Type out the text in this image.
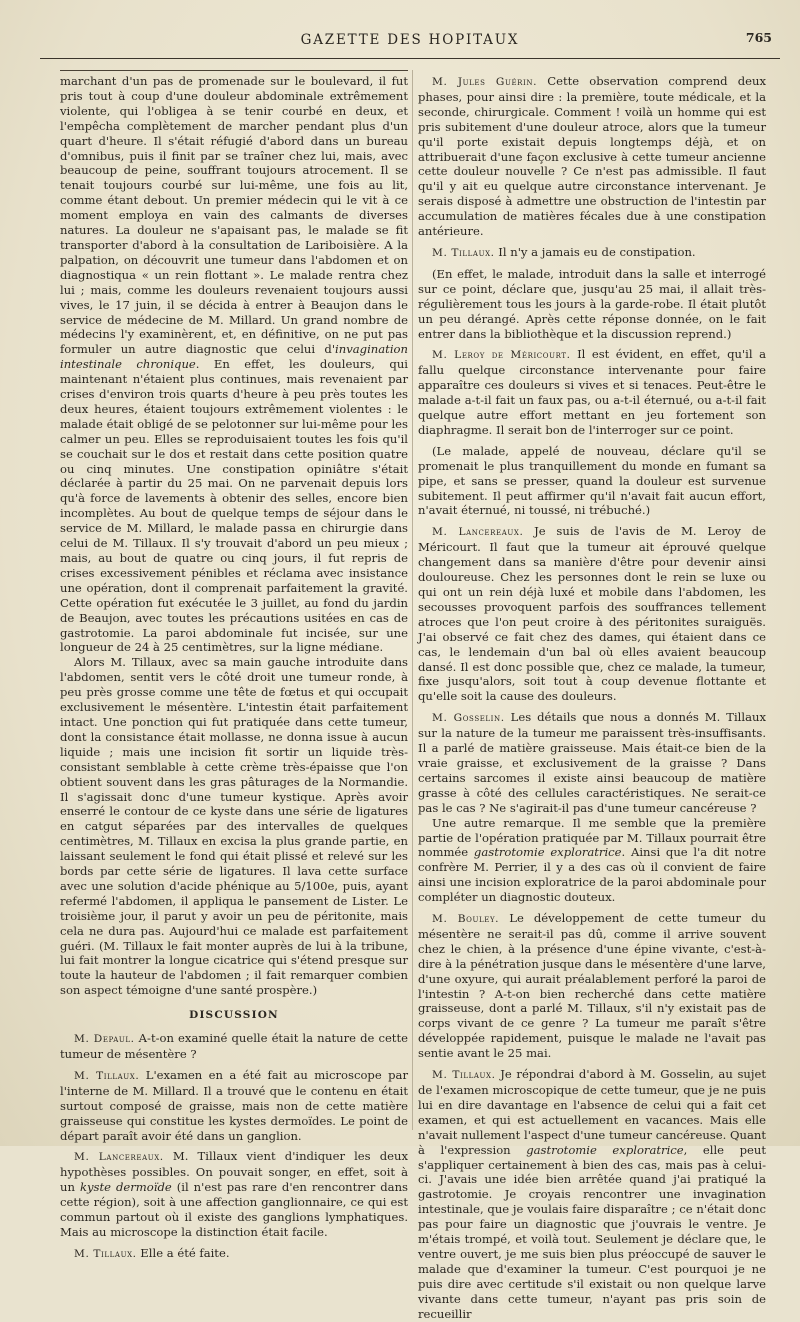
GAZETTE DES HOPITAUX	765

marchant d'un pas de promenade sur le boulevard, il fut pris tout à coup d'une douleur abdominale extrêmement violente, qui l'obligea à se tenir courbé en deux, et l'empêcha complètement de marcher pendant plus d'un quart d'heure. Il s'était réfugié d'abord dans un bureau d'omnibus, puis il finit par se traîner chez lui, mais, avec beaucoup de peine, souffrant toujours atrocement. Il se tenait toujours courbé sur lui-même, une fois au lit, comme étant debout. Un premier médecin qui le vit à ce moment employa en vain des calmants de diverses natures. La douleur ne s'apaisant pas, le malade se fit transporter d'abord à la consultation de Lariboisière. A la palpation, on découvrit une tumeur dans l'abdomen et on diagnostiqua « un rein flottant ». Le malade rentra chez lui ; mais, comme les douleurs revenaient toujours aussi vives, le 17 juin, il se décida à entrer à Beaujon dans le service de médecine de M. Millard. Un grand nombre de médecins l'y examinèrent, et, en définitive, on ne put pas formuler un autre diagnostic que celui d'invagination intestinale chronique. En effet, les douleurs, qui maintenant n'étaient plus continues, mais revenaient par crises d'environ trois quarts d'heure à peu près toutes les deux heures, étaient toujours extrêmement violentes : le malade était obligé de se pelotonner sur lui-même pour les calmer un peu. Elles se reproduisaient toutes les fois qu'il se couchait sur le dos et restait dans cette position quatre ou cinq minutes. Une constipation opiniâtre s'était déclarée à partir du 25 mai. On ne parvenait depuis lors qu'à force de lavements à obtenir des selles, encore bien incomplètes. Au bout de quelque temps de séjour dans le service de M. Millard, le malade passa en chirurgie dans celui de M. Tillaux. Il s'y trouvait d'abord un peu mieux ; mais, au bout de quatre ou cinq jours, il fut repris de crises excessivement pénibles et réclama avec insistance une opération, dont il comprenait parfaitement la gravité. Cette opération fut exécutée le 3 juillet, au fond du jardin de Beaujon, avec toutes les précautions usitées en cas de gastrotomie. La paroi abdominale fut incisée, sur une longueur de 24 à 25 centimètres, sur la ligne médiane.

Alors M. Tillaux, avec sa main gauche introduite dans l'abdomen, sentit vers le côté droit une tumeur ronde, à peu près grosse comme une tête de fœtus et qui occupait exclusivement le mésentère. L'intestin était parfaitement intact. Une ponction qui fut pratiquée dans cette tumeur, dont la consistance était mollasse, ne donna issue à aucun liquide ; mais une incision fit sortir un liquide très-consistant semblable à cette crème très-épaisse que l'on obtient souvent dans les gras pâturages de la Normandie. Il s'agissait donc d'une tumeur kystique. Après avoir enserré le contour de ce kyste dans une série de ligatures en catgut séparées par des intervalles de quelques centimètres, M. Tillaux en excisa la plus grande partie, en laissant seulement le fond qui était plissé et relevé sur les bords par cette série de ligatures. Il lava cette surface avec une solution d'acide phénique au 5/100e, puis, ayant refermé l'abdomen, il appliqua le pansement de Lister. Le troisième jour, il parut y avoir un peu de péritonite, mais cela ne dura pas. Aujourd'hui ce malade est parfaitement guéri. (M. Tillaux le fait monter auprès de lui à la tribune, lui fait montrer la longue cicatrice qui s'étend presque sur toute la hauteur de l'abdomen ; il fait remarquer combien son aspect témoigne d'une santé prospère.)

DISCUSSION

M. Depaul. A-t-on examiné quelle était la nature de cette tumeur de mésentère ?

M. Tillaux. L'examen en a été fait au microscope par l'interne de M. Millard. Il a trouvé que le contenu en était surtout composé de graisse, mais non de cette matière graisseuse qui constitue les kystes dermoïdes. Le point de départ paraît avoir été dans un ganglion.

M. Lancereaux. M. Tillaux vient d'indiquer les deux hypothèses possibles. On pouvait songer, en effet, soit à un kyste dermoïde (il n'est pas rare d'en rencontrer dans cette région), soit à une affection ganglionnaire, ce qui est commun partout où il existe des ganglions lymphatiques. Mais au microscope la distinction était facile.

M. Tillaux. Elle a été faite.

M. Jules Guérin. Cette observation comprend deux phases, pour ainsi dire : la première, toute médicale, et la seconde, chirurgicale. Comment ! voilà un homme qui est pris subitement d'une douleur atroce, alors que la tumeur qu'il porte existait depuis longtemps déjà, et on attribuerait d'une façon exclusive à cette tumeur ancienne cette douleur nouvelle ? Ce n'est pas admissible. Il faut qu'il y ait eu quelque autre circonstance intervenant. Je serais disposé à admettre une obstruction de l'intestin par accumulation de matières fécales due à une constipation antérieure.

M. Tillaux. Il n'y a jamais eu de constipation.

(En effet, le malade, introduit dans la salle et interrogé sur ce point, déclare que, jusqu'au 25 mai, il allait très-régulièrement tous les jours à la garde-robe. Il était plutôt un peu dérangé. Après cette réponse donnée, on le fait entrer dans la bibliothèque et la discussion reprend.)

M. Leroy de Méricourt. Il est évident, en effet, qu'il a fallu quelque circonstance intervenante pour faire apparaître ces douleurs si vives et si tenaces. Peut-être le malade a-t-il fait un faux pas, ou a-t-il éternué, ou a-t-il fait quelque autre effort mettant en jeu fortement son diaphragme. Il serait bon de l'interroger sur ce point.

(Le malade, appelé de nouveau, déclare qu'il se promenait le plus tranquillement du monde en fumant sa pipe, et sans se presser, quand la douleur est survenue subitement. Il peut affirmer qu'il n'avait fait aucun effort, n'avait éternué, ni toussé, ni trébuché.)

M. Lancereaux. Je suis de l'avis de M. Leroy de Méricourt. Il faut que la tumeur ait éprouvé quelque changement dans sa manière d'être pour devenir ainsi douloureuse. Chez les personnes dont le rein se luxe ou qui ont un rein déjà luxé et mobile dans l'abdomen, les secousses provoquent parfois des souffrances tellement atroces que l'on peut croire à des péritonites suraiguës. J'ai observé ce fait chez des dames, qui étaient dans ce cas, le lendemain d'un bal où elles avaient beaucoup dansé. Il est donc possible que, chez ce malade, la tumeur, fixe jusqu'alors, soit tout à coup devenue flottante et qu'elle soit la cause des douleurs.

M. Gosselin. Les détails que nous a donnés M. Tillaux sur la nature de la tumeur me paraissent très-insuffisants. Il a parlé de matière graisseuse. Mais était-ce bien de la vraie graisse, et exclusivement de la graisse ? Dans certains sarcomes il existe ainsi beaucoup de matière grasse à côté des cellules caractéristiques. Ne serait-ce pas le cas ? Ne s'agirait-il pas d'une tumeur cancéreuse ?

Une autre remarque. Il me semble que la première partie de l'opération pratiquée par M. Tillaux pourrait être nommée gastrotomie exploratrice. Ainsi que l'a dit notre confrère M. Perrier, il y a des cas où il convient de faire ainsi une incision exploratrice de la paroi abdominale pour compléter un diagnostic douteux.

M. Bouley. Le développement de cette tumeur du mésentère ne serait-il pas dû, comme il arrive souvent chez le chien, à la présence d'une épine vivante, c'est-à-dire à la pénétration jusque dans le mésentère d'une larve, d'une oxyure, qui aurait préalablement perforé la paroi de l'intestin ? A-t-on bien recherché dans cette matière graisseuse, dont a parlé M. Tillaux, s'il n'y existait pas de corps vivant de ce genre ? La tumeur me paraît s'être développée rapidement, puisque le malade ne l'avait pas sentie avant le 25 mai.

M. Tillaux. Je répondrai d'abord à M. Gosselin, au sujet de l'examen microscopique de cette tumeur, que je ne puis lui en dire davantage en l'absence de celui qui a fait cet examen, et qui est actuellement en vacances. Mais elle n'avait nullement l'aspect d'une tumeur cancéreuse. Quant à l'expression gastrotomie exploratrice, elle peut s'appliquer certainement à bien des cas, mais pas à celui-ci. J'avais une idée bien arrêtée quand j'ai pratiqué la gastrotomie. Je croyais rencontrer une invagination intestinale, que je voulais faire disparaître ; ce n'était donc pas pour faire un diagnostic que j'ouvrais le ventre. Je m'étais trompé, et voilà tout. Seulement je déclare que, le ventre ouvert, je me suis bien plus préoccupé de sauver le malade que d'examiner la tumeur. C'est pourquoi je ne puis dire avec certitude s'il existait ou non quelque larve vivante dans cette tumeur, n'ayant pas pris soin de recueillir
